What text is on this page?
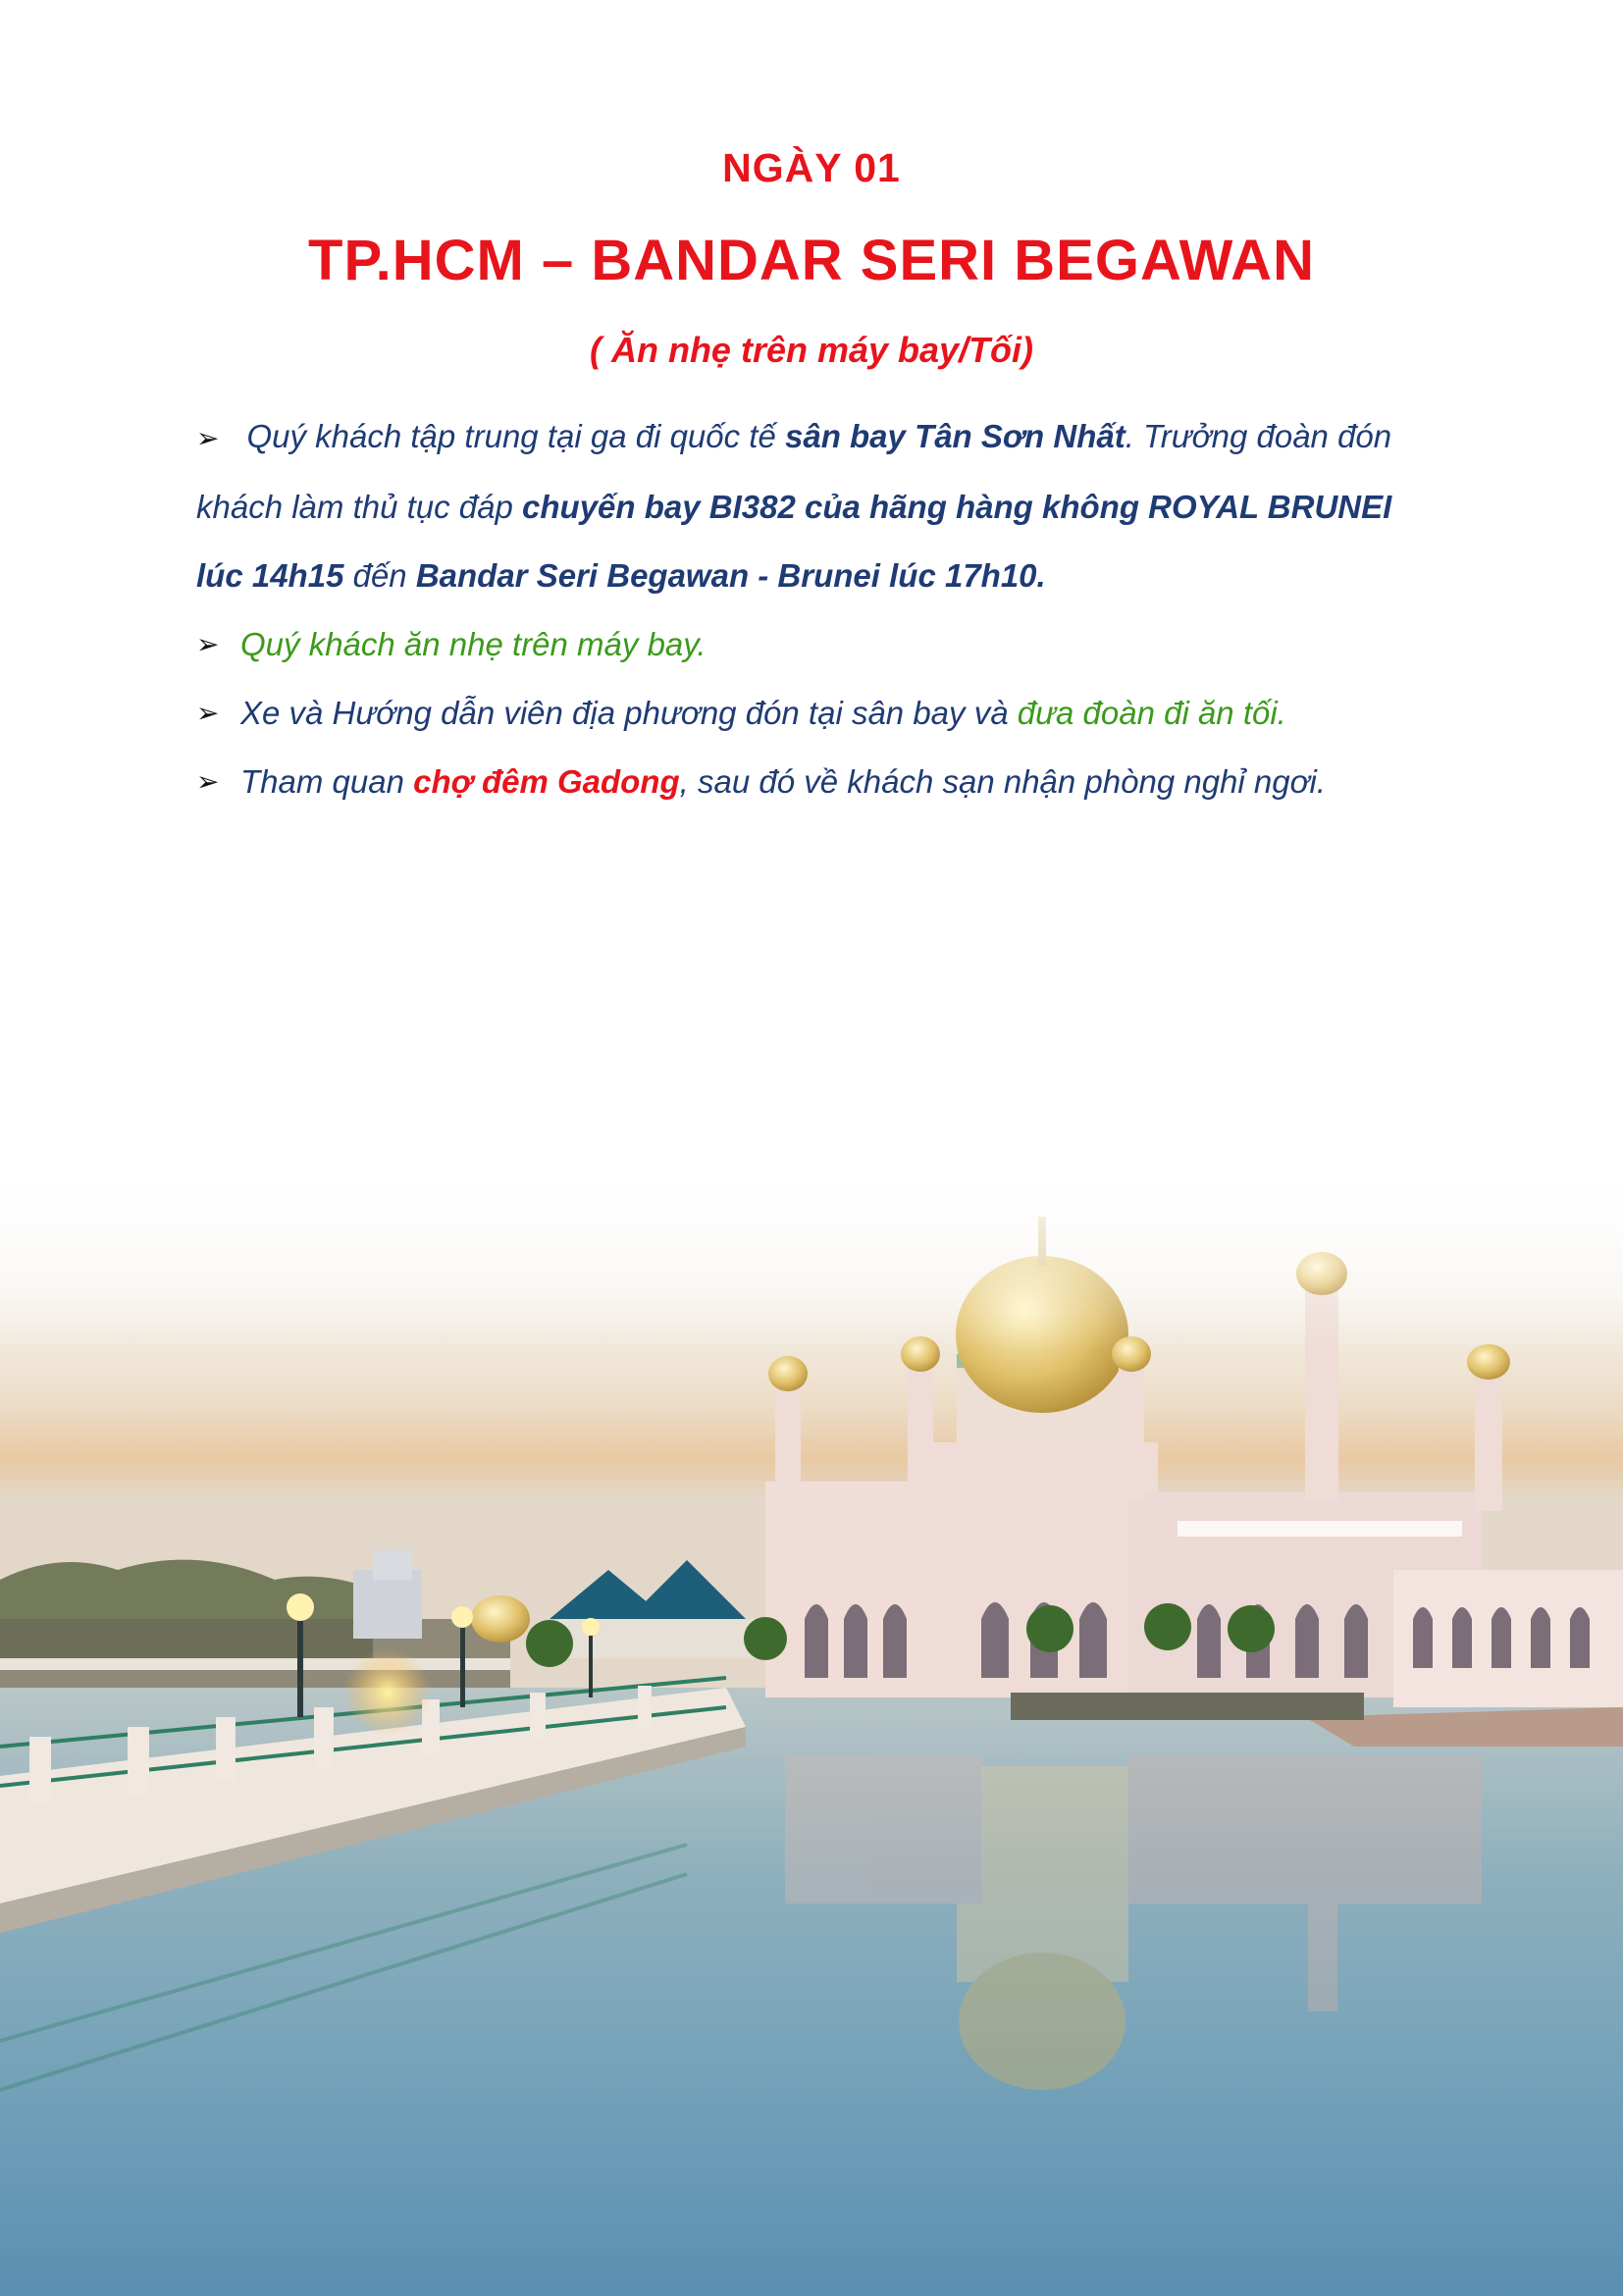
NGÀY 01
TP.HCM – BANDAR SERI BEGAWAN
( Ăn nhẹ trên máy bay/Tối)

➢ Quý khách tập trung tại ga đi quốc tế sân bay Tân Sơn Nhất. Trưởng đoàn đón khách làm thủ tục đáp chuyến bay BI382 của hãng hàng không ROYAL BRUNEI lúc 14h15 đến Bandar Seri Begawan - Brunei lúc 17h10.

➢ Quý khách ăn nhẹ trên máy bay.

➢ Xe và Hướng dẫn viên địa phương đón tại sân bay và đưa đoàn đi ăn tối.

➢ Tham quan chợ đêm Gadong, sau đó về khách sạn nhận phòng nghỉ ngơi.
